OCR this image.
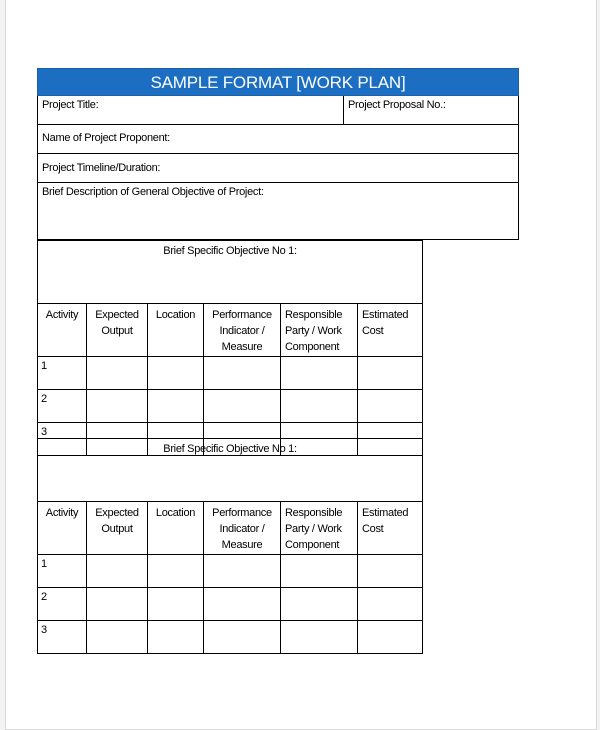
SAMPLE FORMAT [WORK PLAN]
Project Title:	Project Proposal No.:
Name of Project Proponent:
Project Timeline/Duration:
Brief Description of General Objective of Project:
Brief Specific Objective No 1:					
Activity	Expected Output	Location	Performance Indicator / Measure	Responsible Party / Work Component	Estimated Cost
1					
2					
3					
Brief Specific Objective No 1:					
Activity	Expected Output	Location	Performance Indicator / Measure	Responsible Party / Work Component	Estimated Cost
1					
2					
3					
